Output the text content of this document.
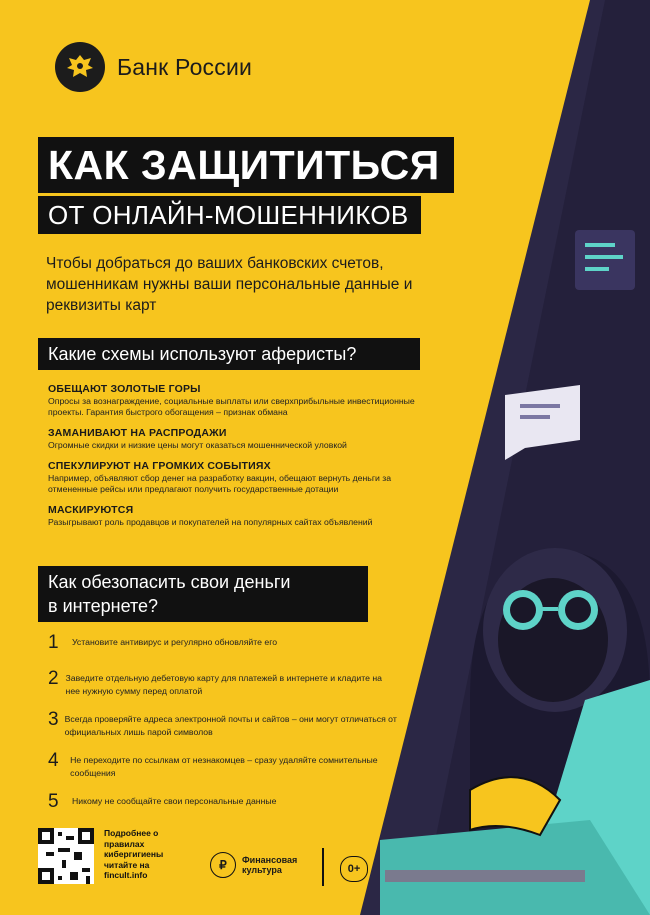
Банк России
КАК ЗАЩИТИТЬСЯ
ОТ ОНЛАЙН-МОШЕННИКОВ
Чтобы добраться до ваших банковских счетов, мошенникам нужны ваши персональные данные и реквизиты карт
Какие схемы используют аферисты?
ОБЕЩАЮТ ЗОЛОТЫЕ ГОРЫ
Опросы за вознаграждение, социальные выплаты или сверхприбыльные инвестиционные проекты. Гарантия быстрого обогащения – признак обмана
ЗАМАНИВАЮТ НА РАСПРОДАЖИ
Огромные скидки и низкие цены могут оказаться мошеннической уловкой
СПЕКУЛИРУЮТ НА ГРОМКИХ СОБЫТИЯХ
Например, объявляют сбор денег на разработку вакцин, обещают вернуть деньги за отмененные рейсы или предлагают получить государственные дотации
МАСКИРУЮТСЯ
Разыгрывают роль продавцов и покупателей на популярных сайтах объявлений
Как обезопасить свои деньги
в интернете?
1	Установите антивирус и регулярно обновляйте его
2 Заведите отдельную дебетовую карту для платежей в интернете и кладите на нее нужную сумму перед оплатой
3 Всегда проверяйте адреса электронной почты и сайтов – они могут отличаться от официальных лишь парой символов
4	Не переходите по ссылкам от незнакомцев – сразу удаляйте сомнительные сообщения
5	Никому не сообщайте свои персональные данные
Подробнее о правилах кибергигиены читайте на fincult.info
₽	Финансовая культура	0+
